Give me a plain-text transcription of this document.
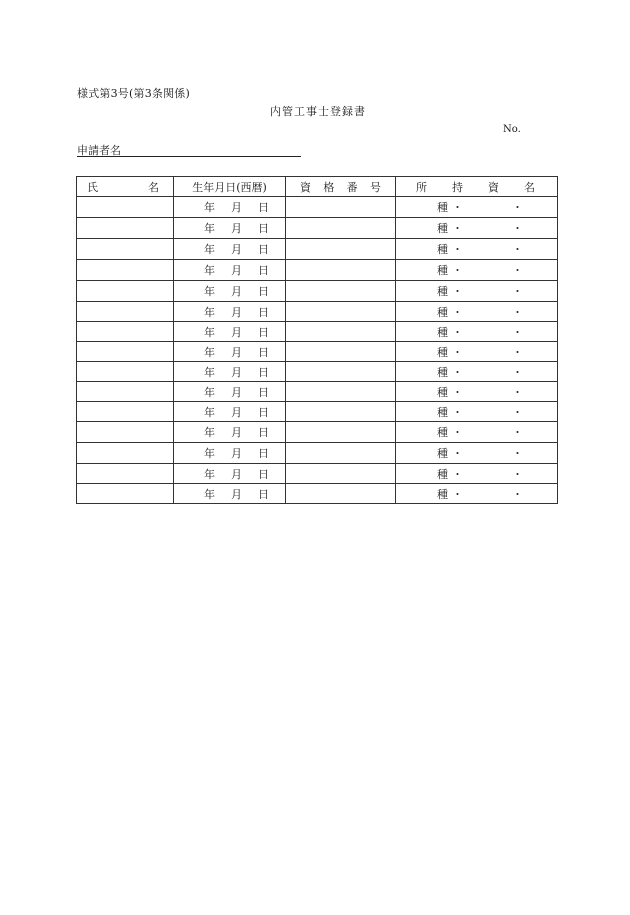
様式第3号(第3条関係)
内管工事士登録書
No.
申請者名
氏 名	生年月日(西暦)	資 格 番 号	所 持 資 名

	年 月 日		種 ・ ・

	年 月 日		種 ・ ・

	年 月 日		種 ・ ・

	年 月 日		種 ・ ・

	年 月 日		種 ・ ・

	年 月 日		種 ・ ・

	年 月 日		種 ・ ・

	年 月 日		種 ・ ・

	年 月 日		種 ・ ・

	年 月 日		種 ・ ・

	年 月 日		種 ・ ・

	年 月 日		種 ・ ・

	年 月 日		種 ・ ・

	年 月 日		種 ・ ・

	年 月 日		種 ・ ・
